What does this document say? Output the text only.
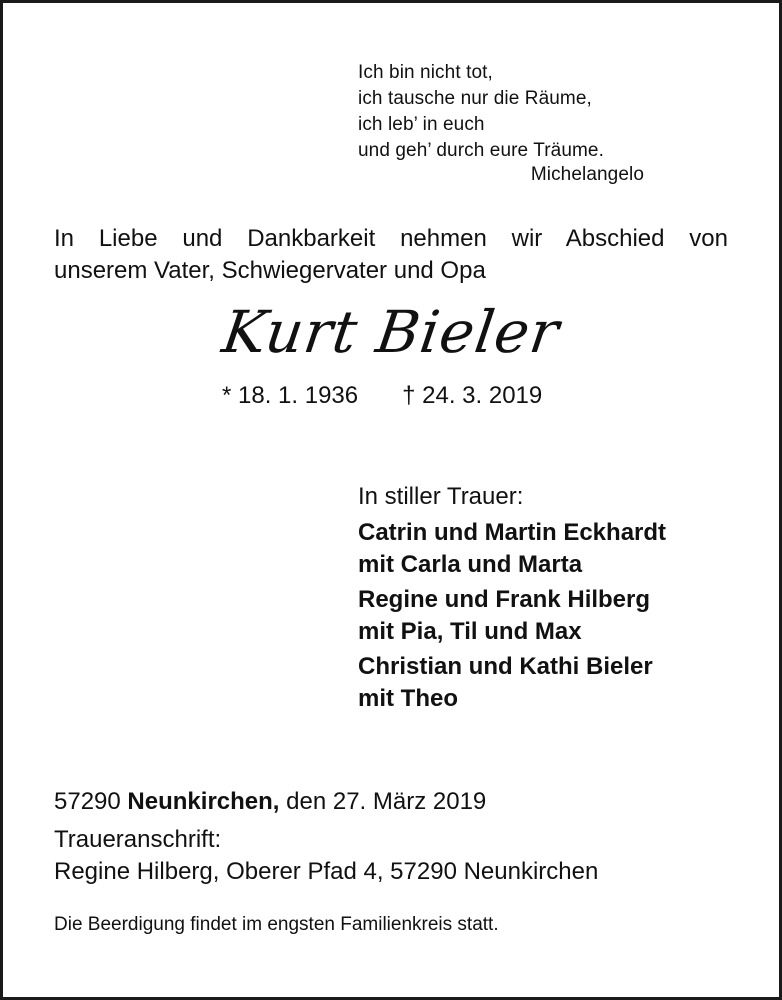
Ich bin nicht tot,
ich tausche nur die Räume,
ich leb’ in euch
und geh’ durch eure Träume.
Michelangelo
In Liebe und Dankbarkeit nehmen wir Abschied von
unserem Vater, Schwiegervater und Opa
Kurt Bieler
* 18. 1. 1936 † 24. 3. 2019
In stiller Trauer:
Catrin und Martin Eckhardt
mit Carla und Marta
Regine und Frank Hilberg
mit Pia, Til und Max
Christian und Kathi Bieler
mit Theo
57290 Neunkirchen, den 27. März 2019
Traueranschrift:
Regine Hilberg, Oberer Pfad 4, 57290 Neunkirchen
Die Beerdigung findet im engsten Familienkreis statt.
